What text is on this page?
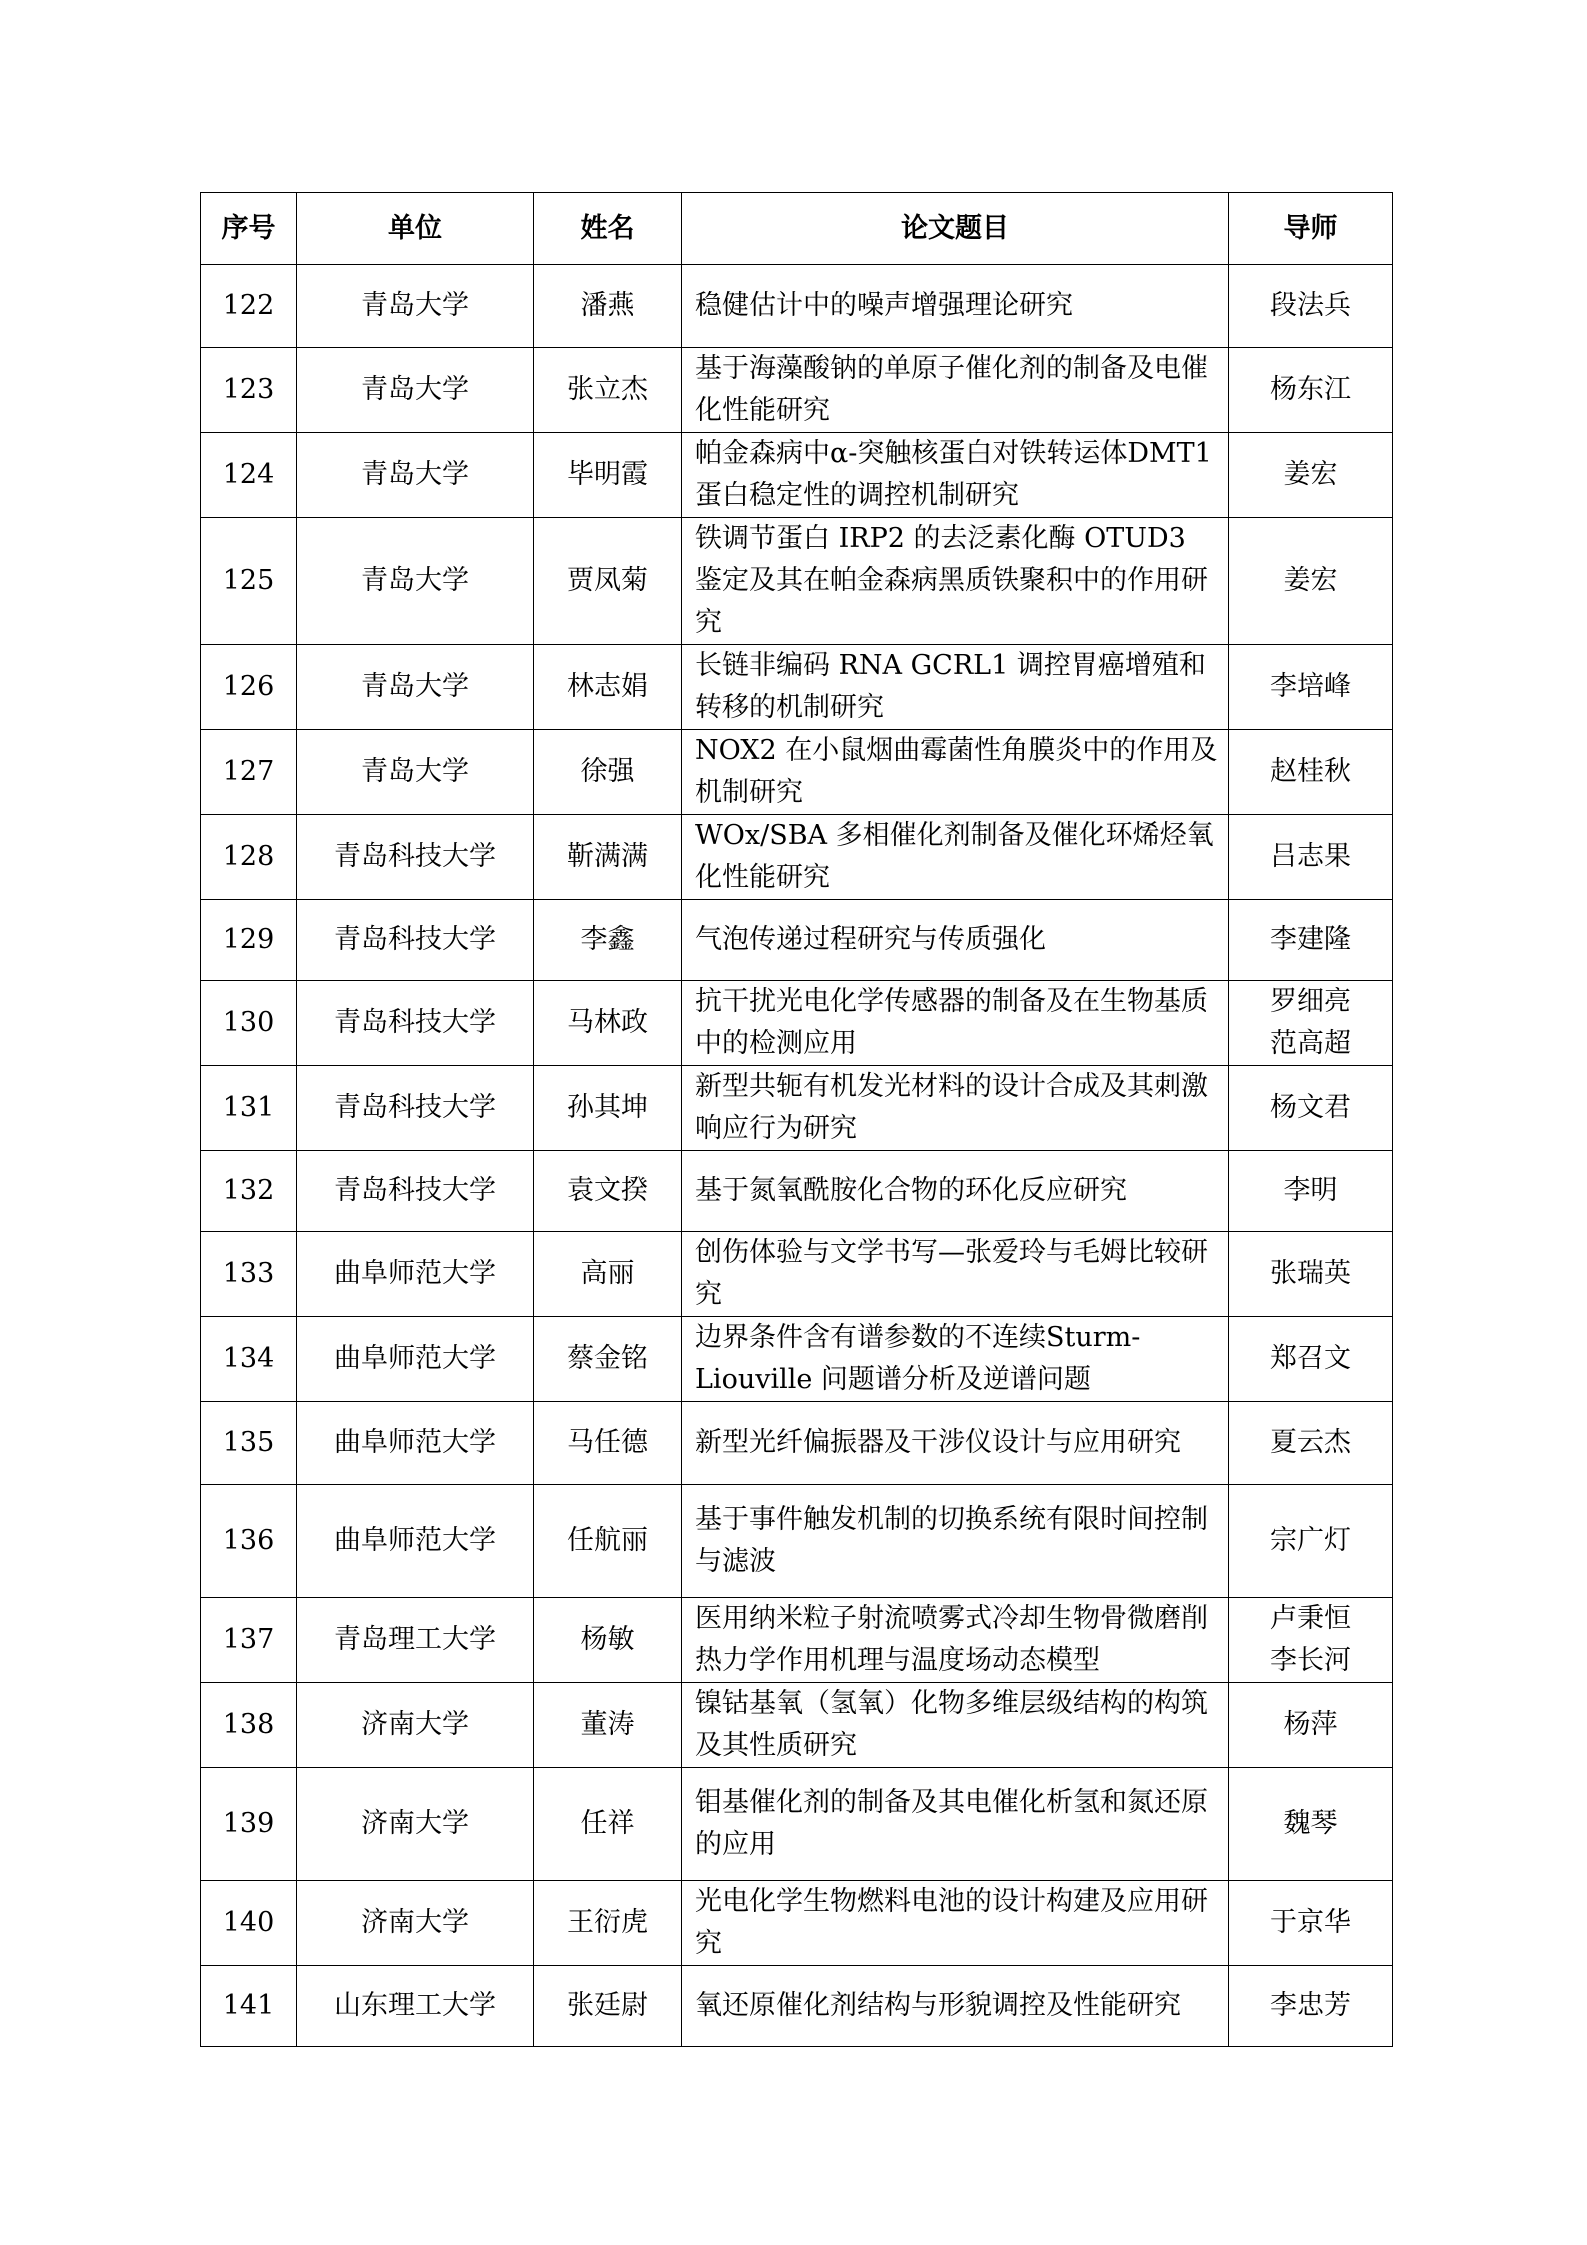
序号	单位	姓名	论文题目	导师
122	青岛大学	潘燕	稳健估计中的噪声增强理论研究	段法兵

123	青岛大学	张立杰	基于海藻酸钠的单原子催化剂的制备及电催化性能研究	杨东江

124	青岛大学	毕明霞	帕金森病中α-突触核蛋白对铁转运体DMT1 蛋白稳定性的调控机制研究	姜宏

125	青岛大学	贾凤菊	铁调节蛋白 IRP2 的去泛素化酶 OTUD3 鉴定及其在帕金森病黑质铁聚积中的作用研究	姜宏

126	青岛大学	林志娟	长链非编码 RNA GCRL1 调控胃癌增殖和转移的机制研究	李培峰

127	青岛大学	徐强	NOX2 在小鼠烟曲霉菌性角膜炎中的作用及机制研究	赵桂秋

128	青岛科技大学	靳满满	WOx/SBA 多相催化剂制备及催化环烯烃氧化性能研究	吕志果

129	青岛科技大学	李鑫	气泡传递过程研究与传质强化	李建隆

130	青岛科技大学	马林政	抗干扰光电化学传感器的制备及在生物基质中的检测应用	罗细亮
范高超

131	青岛科技大学	孙其坤	新型共轭有机发光材料的设计合成及其刺激响应行为研究	杨文君

132	青岛科技大学	袁文揆	基于氮氧酰胺化合物的环化反应研究	李明

133	曲阜师范大学	高丽	创伤体验与文学书写—张爱玲与毛姆比较研究	张瑞英

134	曲阜师范大学	蔡金铭	边界条件含有谱参数的不连续Sturm-Liouville 问题谱分析及逆谱问题	郑召文

135	曲阜师范大学	马任德	新型光纤偏振器及干涉仪设计与应用研究	夏云杰

136	曲阜师范大学	任航丽	基于事件触发机制的切换系统有限时间控制与滤波	宗广灯

137	青岛理工大学	杨敏	医用纳米粒子射流喷雾式冷却生物骨微磨削热力学作用机理与温度场动态模型	卢秉恒
李长河

138	济南大学	董涛	镍钴基氧（氢氧）化物多维层级结构的构筑及其性质研究	杨萍

139	济南大学	任祥	钼基催化剂的制备及其电催化析氢和氮还原的应用	魏琴

140	济南大学	王衍虎	光电化学生物燃料电池的设计构建及应用研究	于京华

141	山东理工大学	张廷尉	氧还原催化剂结构与形貌调控及性能研究	李忠芳
